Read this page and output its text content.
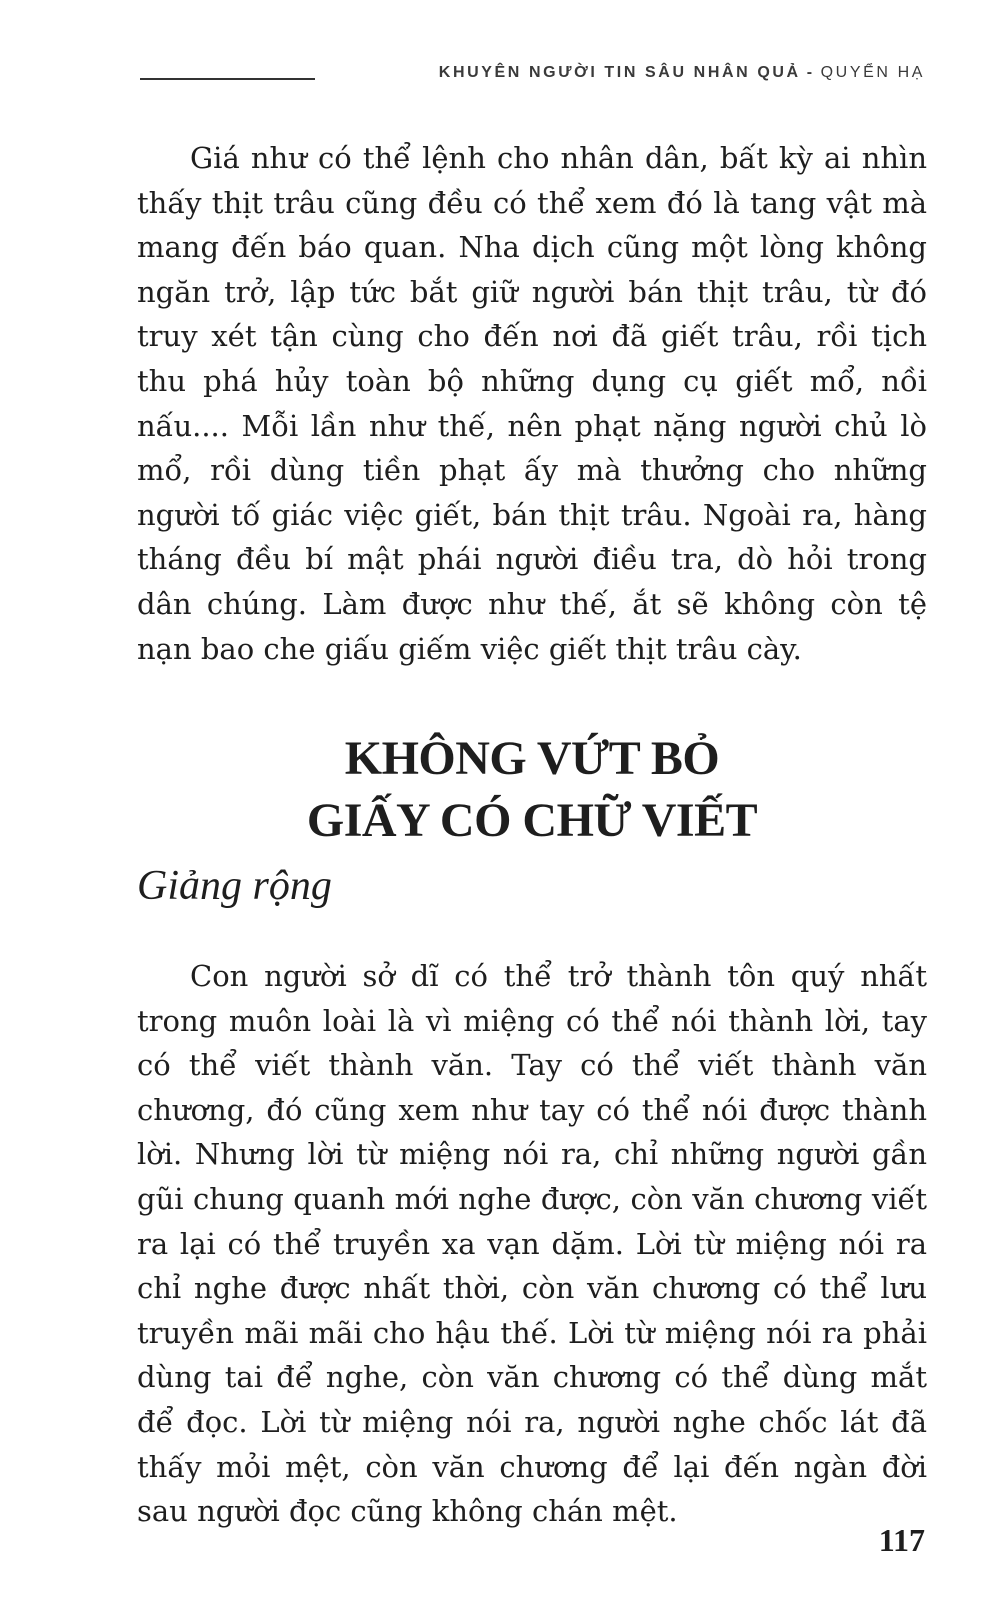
KHUYÊN NGƯỜI TIN SÂU NHÂN QUẢ - QUYỂN HẠ

Giá như có thể lệnh cho nhân dân, bất kỳ ai nhìn thấy thịt trâu cũng đều có thể xem đó là tang vật mà mang đến báo quan. Nha dịch cũng một lòng không ngăn trở, lập tức bắt giữ người bán thịt trâu, từ đó truy xét tận cùng cho đến nơi đã giết trâu, rồi tịch thu phá hủy toàn bộ những dụng cụ giết mổ, nồi nấu.... Mỗi lần như thế, nên phạt nặng người chủ lò mổ, rồi dùng tiền phạt ấy mà thưởng cho những người tố giác việc giết, bán thịt trâu. Ngoài ra, hàng tháng đều bí mật phái người điều tra, dò hỏi trong dân chúng. Làm được như thế, ắt sẽ không còn tệ nạn bao che giấu giếm việc giết thịt trâu cày.

KHÔNG VỨT BỎ
GIẤY CÓ CHỮ VIẾT
Giảng rộng

Con người sở dĩ có thể trở thành tôn quý nhất trong muôn loài là vì miệng có thể nói thành lời, tay có thể viết thành văn. Tay có thể viết thành văn chương, đó cũng xem như tay có thể nói được thành lời. Nhưng lời từ miệng nói ra, chỉ những người gần gũi chung quanh mới nghe được, còn văn chương viết ra lại có thể truyền xa vạn dặm. Lời từ miệng nói ra chỉ nghe được nhất thời, còn văn chương có thể lưu truyền mãi mãi cho hậu thế. Lời từ miệng nói ra phải dùng tai để nghe, còn văn chương có thể dùng mắt để đọc. Lời từ miệng nói ra, người nghe chốc lát đã thấy mỏi mệt, còn văn chương để lại đến ngàn đời sau người đọc cũng không chán mệt.

117
